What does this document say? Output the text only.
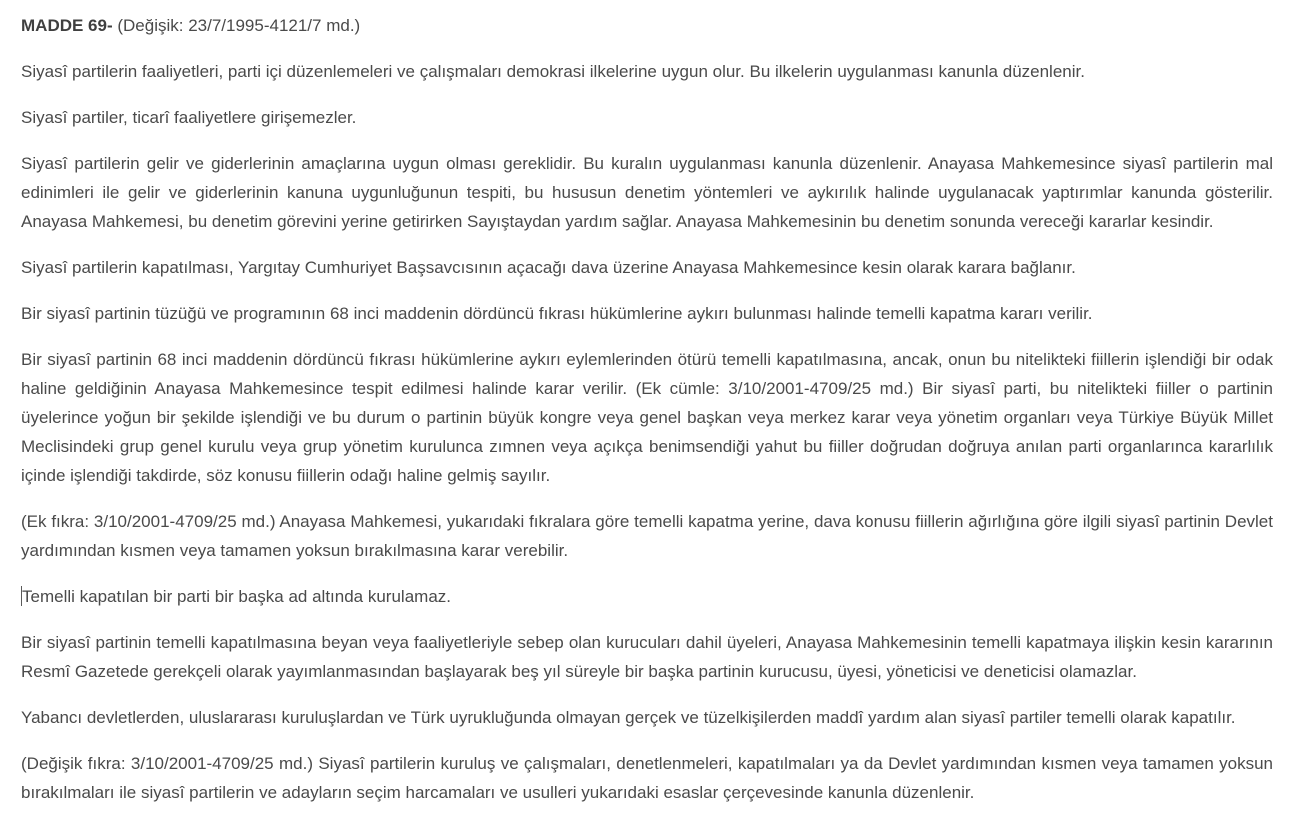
MADDE 69- (Değişik: 23/7/1995-4121/7 md.)

Siyasî partilerin faaliyetleri, parti içi düzenlemeleri ve çalışmaları demokrasi ilkelerine uygun olur. Bu ilkelerin uygulanması kanunla düzenlenir.

Siyasî partiler, ticarî faaliyetlere girişemezler.

Siyasî partilerin gelir ve giderlerinin amaçlarına uygun olması gereklidir. Bu kuralın uygulanması kanunla düzenlenir. Anayasa Mahkemesince siyasî partilerin mal edinimleri ile gelir ve giderlerinin kanuna uygunluğunun tespiti, bu hususun denetim yöntemleri ve aykırılık halinde uygulanacak yaptırımlar kanunda gösterilir. Anayasa Mahkemesi, bu denetim görevini yerine getirirken Sayıştaydan yardım sağlar. Anayasa Mahkemesinin bu denetim sonunda vereceği kararlar kesindir.

Siyasî partilerin kapatılması, Yargıtay Cumhuriyet Başsavcısının açacağı dava üzerine Anayasa Mahkemesince kesin olarak karara bağlanır.

Bir siyasî partinin tüzüğü ve programının 68 inci maddenin dördüncü fıkrası hükümlerine aykırı bulunması halinde temelli kapatma kararı verilir.

Bir siyasî partinin 68 inci maddenin dördüncü fıkrası hükümlerine aykırı eylemlerinden ötürü temelli kapatılmasına, ancak, onun bu nitelikteki fiillerin işlendiği bir odak haline geldiğinin Anayasa Mahkemesince tespit edilmesi halinde karar verilir. (Ek cümle: 3/10/2001-4709/25 md.) Bir siyasî parti, bu nitelikteki fiiller o partinin üyelerince yoğun bir şekilde işlendiği ve bu durum o partinin büyük kongre veya genel başkan veya merkez karar veya yönetim organları veya Türkiye Büyük Millet Meclisindeki grup genel kurulu veya grup yönetim kurulunca zımnen veya açıkça benimsendiği yahut bu fiiller doğrudan doğruya anılan parti organlarınca kararlılık içinde işlendiği takdirde, söz konusu fiillerin odağı haline gelmiş sayılır.

(Ek fıkra: 3/10/2001-4709/25 md.) Anayasa Mahkemesi, yukarıdaki fıkralara göre temelli kapatma yerine, dava konusu fiillerin ağırlığına göre ilgili siyasî partinin Devlet yardımından kısmen veya tamamen yoksun bırakılmasına karar verebilir.

Temelli kapatılan bir parti bir başka ad altında kurulamaz.

Bir siyasî partinin temelli kapatılmasına beyan veya faaliyetleriyle sebep olan kurucuları dahil üyeleri, Anayasa Mahkemesinin temelli kapatmaya ilişkin kesin kararının Resmî Gazetede gerekçeli olarak yayımlanmasından başlayarak beş yıl süreyle bir başka partinin kurucusu, üyesi, yöneticisi ve deneticisi olamazlar.

Yabancı devletlerden, uluslararası kuruluşlardan ve Türk uyrukluğunda olmayan gerçek ve tüzelkişilerden maddî yardım alan siyasî partiler temelli olarak kapatılır.

(Değişik fıkra: 3/10/2001-4709/25 md.) Siyasî partilerin kuruluş ve çalışmaları, denetlenmeleri, kapatılmaları ya da Devlet yardımından kısmen veya tamamen yoksun bırakılmaları ile siyasî partilerin ve adayların seçim harcamaları ve usulleri yukarıdaki esaslar çerçevesinde kanunla düzenlenir.
